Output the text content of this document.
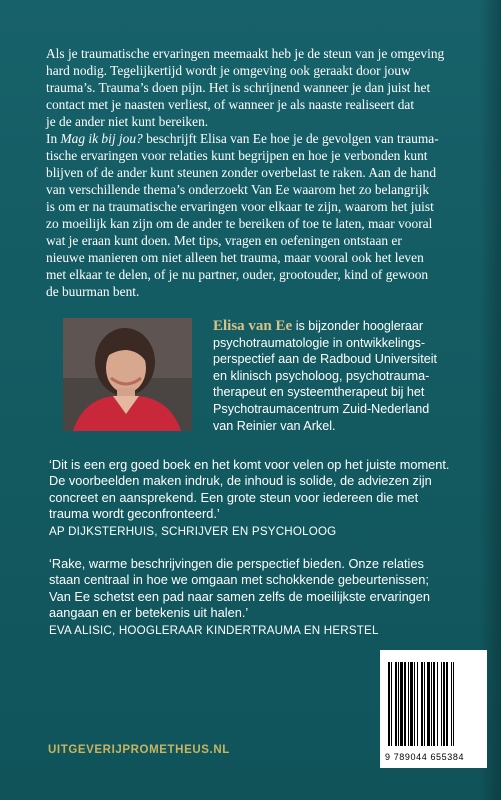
Als je traumatische ervaringen meemaakt heb je de steun van je omgeving

hard nodig. Tegelijkertijd wordt je omgeving ook geraakt door jouw

trauma’s. Trauma’s doen pijn. Het is schrijnend wanneer je dan juist het

contact met je naasten verliest, of wanneer je als naaste realiseert dat

je de ander niet kunt bereiken.

In Mag ik bij jou? beschrijft Elisa van Ee hoe je de gevolgen van trauma-

tische ervaringen voor relaties kunt begrijpen en hoe je verbonden kunt

blijven of de ander kunt steunen zonder overbelast te raken. Aan de hand

van verschillende thema’s onderzoekt Van Ee waarom het zo belangrijk

is om er na traumatische ervaringen voor elkaar te zijn, waarom het juist

zo moeilijk kan zijn om de ander te bereiken of toe te laten, maar vooral

wat je eraan kunt doen. Met tips, vragen en oefeningen ontstaan er

nieuwe manieren om niet alleen het trauma, maar vooral ook het leven

met elkaar te delen, of je nu partner, ouder, grootouder, kind of gewoon

de buurman bent.

Elisa van Ee is bijzonder hoogleraar
psychotraumatologie in ontwikkelings-
perspectief aan de Radboud Universiteit
en klinisch psycholoog, psychotrauma-
therapeut en systeemtherapeut bij het
Psychotraumacentrum Zuid-Nederland
van Reinier van Arkel.

‘Dit is een erg goed boek en het komt voor velen op het juiste moment.

De voorbeelden maken indruk, de inhoud is solide, de adviezen zijn

concreet en aansprekend. Een grote steun voor iedereen die met

trauma wordt geconfronteerd.’

AP DIJKSTERHUIS, SCHRIJVER EN PSYCHOLOOG

‘Rake, warme beschrijvingen die perspectief bieden. Onze relaties

staan centraal in hoe we omgaan met schokkende gebeurtenissen;

Van Ee schetst een pad naar samen zelfs de moeilijkste ervaringen

aangaan en er betekenis uit halen.’

EVA ALISIC, HOOGLERAAR KINDERTRAUMA EN HERSTEL

9 789044 655384
UITGEVERIJPROMETHEUS.NL
